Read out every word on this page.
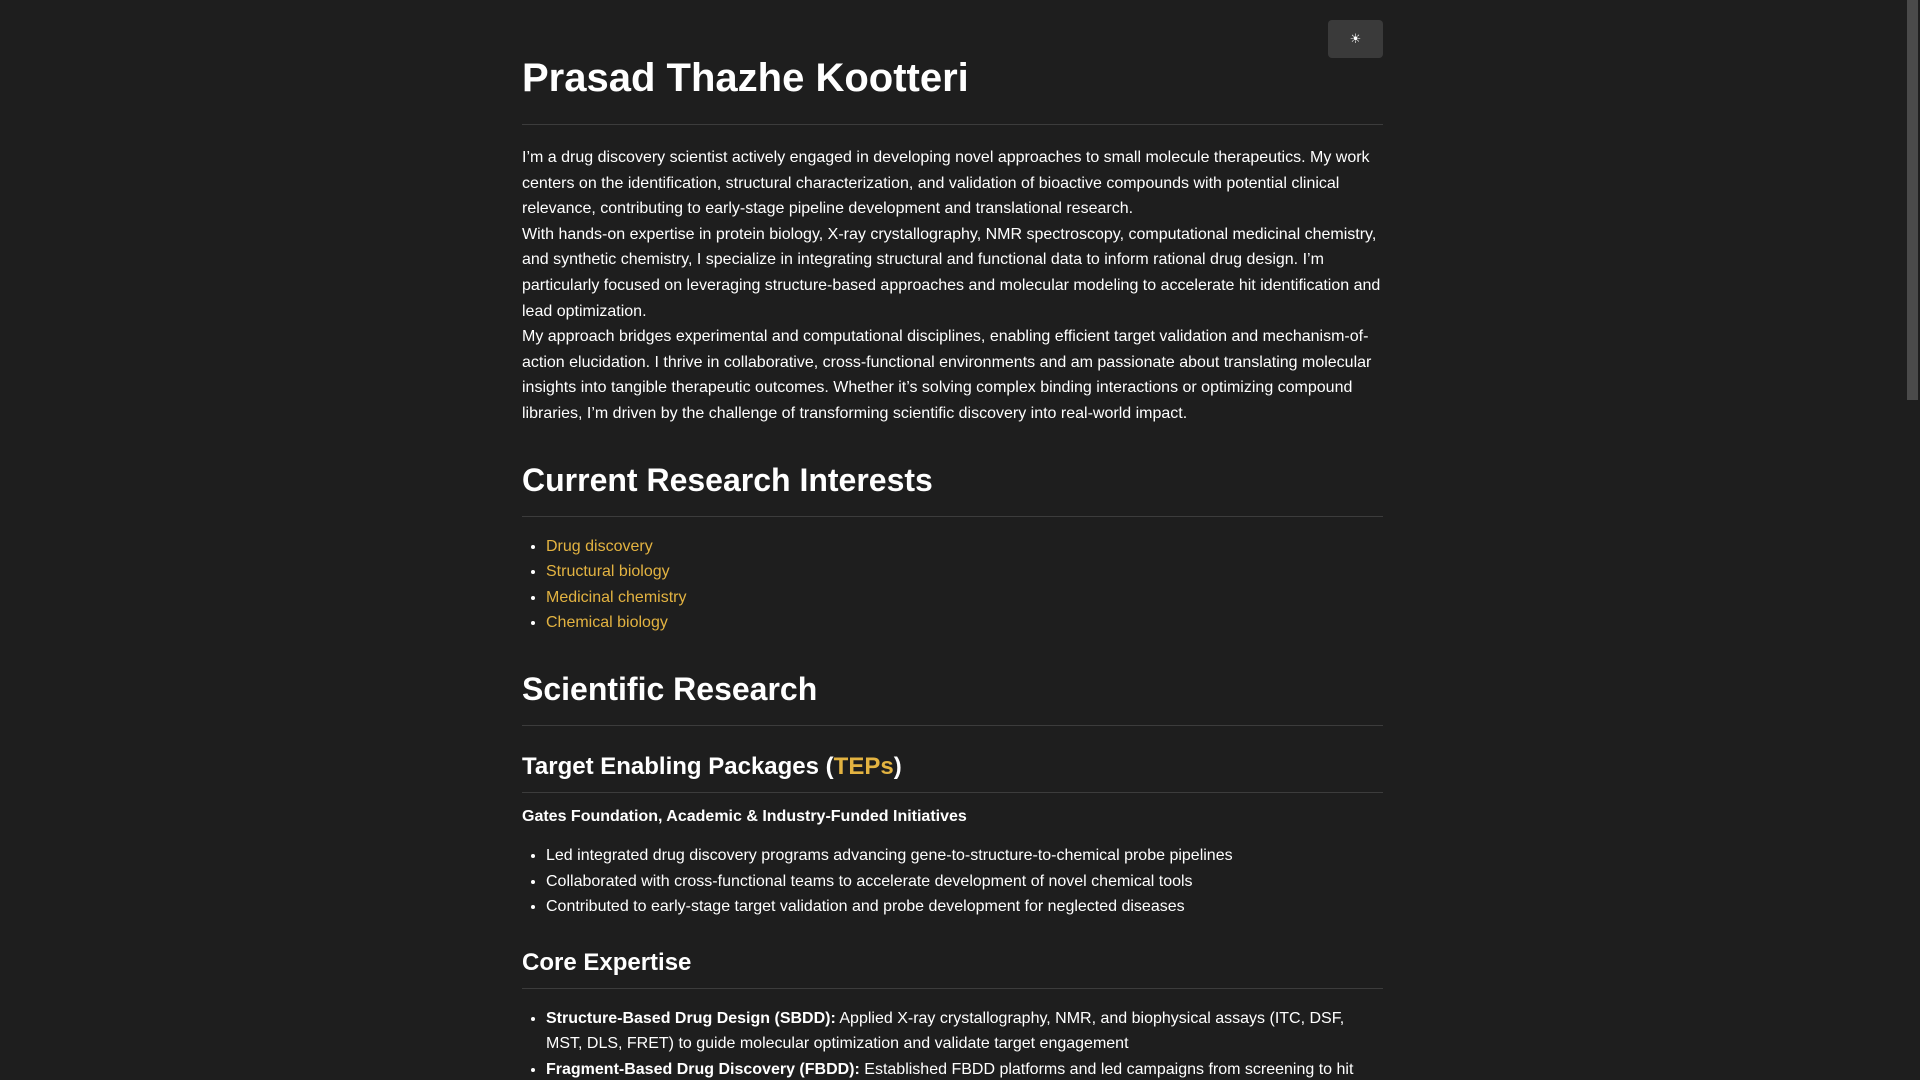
☀
Prasad Thazhe Kootteri

I’m a drug discovery scientist actively engaged in developing novel approaches to small molecule therapeutics. My work centers on the identification, structural characterization, and validation of bioactive compounds with potential clinical relevance, contributing to early-stage pipeline development and translational research.

With hands-on expertise in protein biology, X-ray crystallography, NMR spectroscopy, computational medicinal chemistry, and synthetic chemistry, I specialize in integrating structural and functional data to inform rational drug design. I’m particularly focused on leveraging structure-based approaches and molecular modeling to accelerate hit identification and lead optimization.

My approach bridges experimental and computational disciplines, enabling efficient target validation and mechanism-of-action elucidation. I thrive in collaborative, cross-functional environments and am passionate about translating molecular insights into tangible therapeutic outcomes. Whether it’s solving complex binding interactions or optimizing compound libraries, I’m driven by the challenge of transforming scientific discovery into real-world impact.

Current Research Interests
• Drug discovery
• Structural biology
• Medicinal chemistry
• Chemical biology
Scientific Research
Target Enabling Packages (TEPs)

Gates Foundation, Academic & Industry-Funded Initiatives

• Led integrated drug discovery programs advancing gene-to-structure-to-chemical probe pipelines
• Collaborated with cross-functional teams to accelerate development of novel chemical tools
• Contributed to early-stage target validation and probe development for neglected diseases
Core Expertise
• Structure-Based Drug Design (SBDD): Applied X-ray crystallography, NMR, and biophysical assays (ITC, DSF, MST, DLS, FRET) to guide molecular optimization and validate target engagement
• Fragment-Based Drug Discovery (FBDD): Established FBDD platforms and led campaigns from screening to hit
